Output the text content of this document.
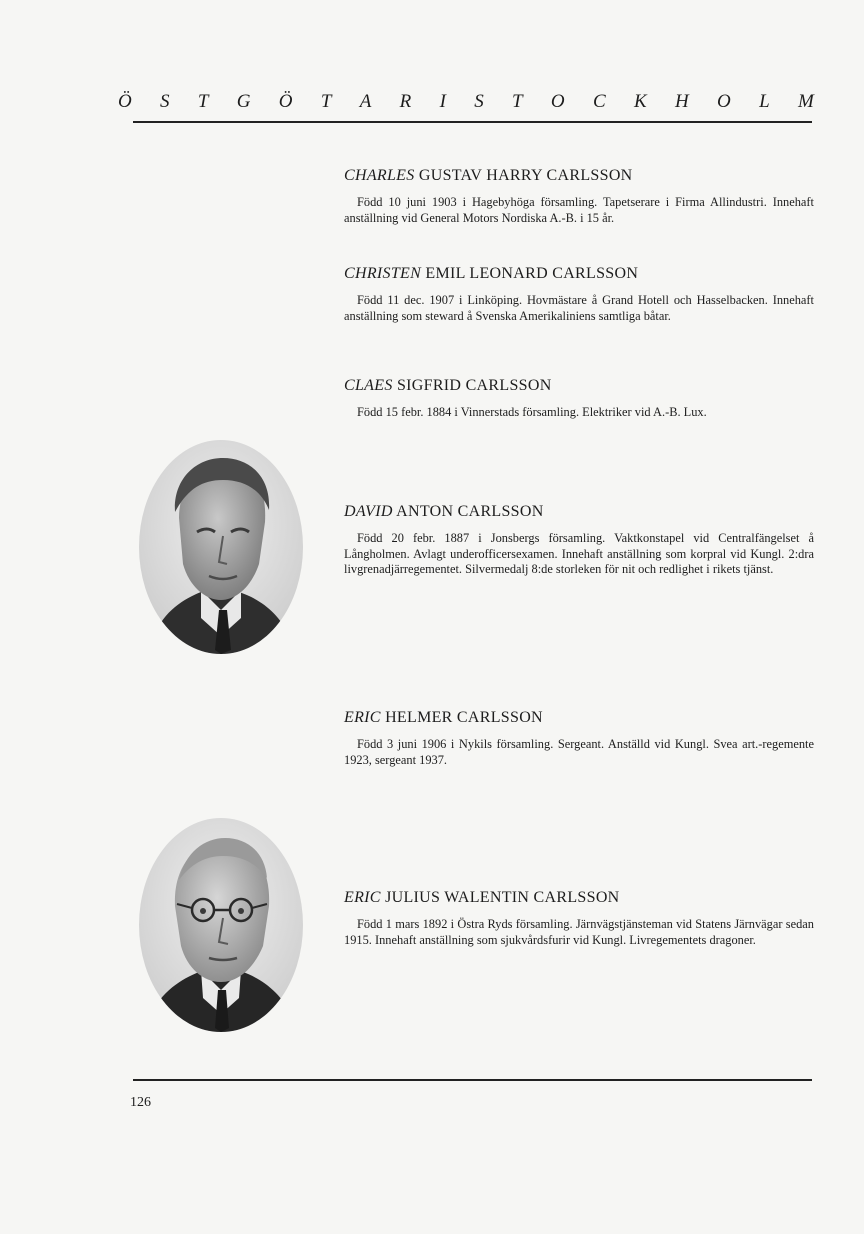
Ö S T G Ö T A R I S T O C K H O L M
CHARLES GUSTAV HARRY CARLSSON

Född 10 juni 1903 i Hagebyhöga församling. Tapetserare i Firma Allindustri. Innehaft anställning vid General Motors Nordiska A.-B. i 15 år.

CHRISTEN EMIL LEONARD CARLSSON

Född 11 dec. 1907 i Linköping. Hovmästare å Grand Hotell och Hasselbacken. Innehaft anställning som steward å Svenska Amerikaliniens samtliga båtar.

CLAES SIGFRID CARLSSON

Född 15 febr. 1884 i Vinnerstads församling. Elektriker vid A.-B. Lux.

DAVID ANTON CARLSSON

Född 20 febr. 1887 i Jonsbergs församling. Vaktkonstapel vid Centralfängelset å Långholmen. Avlagt underofficersexamen. Innehaft anställning som korpral vid Kungl. 2:dra livgrenadjärregementet. Silvermedalj 8:de storleken för nit och redlighet i rikets tjänst.

ERIC HELMER CARLSSON

Född 3 juni 1906 i Nykils församling. Sergeant. Anställd vid Kungl. Svea art.-regemente 1923, sergeant 1937.

ERIC JULIUS WALENTIN CARLSSON

Född 1 mars 1892 i Östra Ryds församling. Järnvägstjänsteman vid Statens Järnvägar sedan 1915. Innehaft anställning som sjukvårdsfurir vid Kungl. Livregementets dragoner.

126
